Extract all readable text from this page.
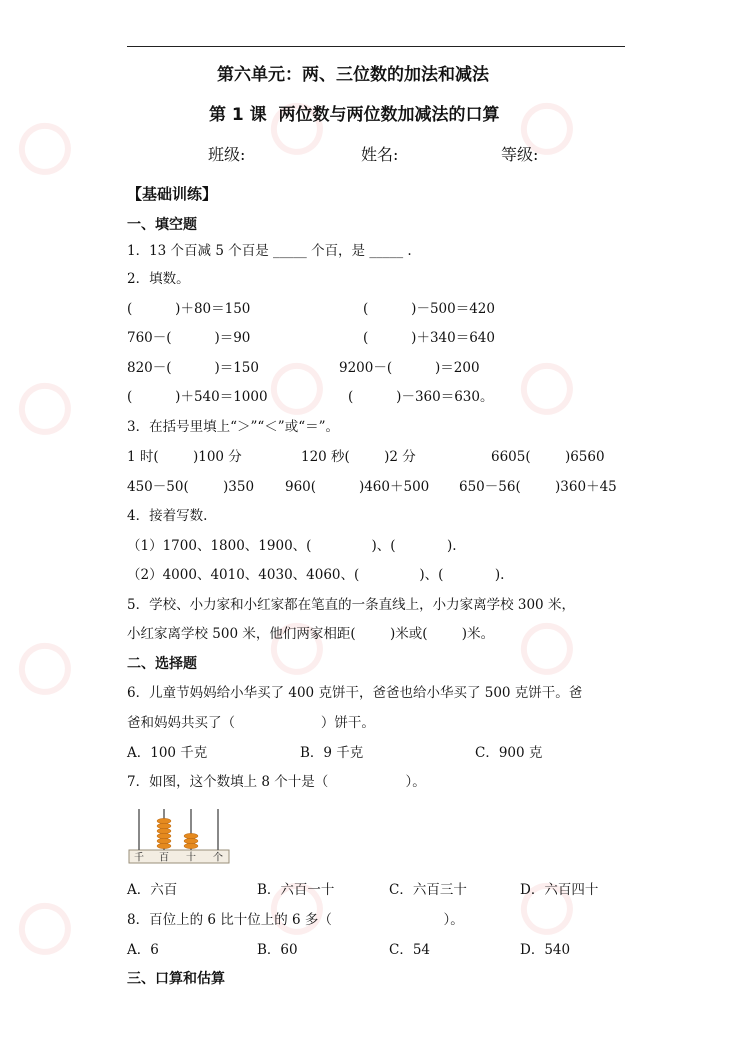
第六单元：两、三位数的加法和减法
第 1 课  两位数与两位数加减法的口算
班级:	姓名:	等级:
【基础训练】
一、填空题
1．13 个百减 5 个百是 _____ 个百，是 _____ .
2．填数。
(          )＋80＝150	(          )－500＝420
760－(          )＝90	(          )＋340＝640
820－(          )＝150	9200－(          )＝200
(          )＋540＝1000	(          )－360＝630。
3．在括号里填上“＞”“＜”或“＝”。
1 时(        )100 分	120 秒(        )2 分	6605(        )6560
450－50(        )350 960(          )460＋500 650－56(        )360＋45
4．接着写数.
（1）1700、1800、1900、(              )、(            ).
（2）4000、4010、4030、4060、(              )、(            ).
5．学校、小力家和小红家都在笔直的一条直线上，小力家离学校 300 米，
小红家离学校 500 米，他们两家相距(        )米或(        )米。
二、选择题
6．儿童节妈妈给小华买了 400 克饼干，爸爸也给小华买了 500 克饼干。爸
爸和妈妈共买了（                    ）饼干。
A．100 千克	B．9 千克	C．900 克
7．如图，这个数填上 8 个十是（                  ）。
千 百 十 个
A．六百	B．六百一十	C．六百三十	D．六百四十
8．百位上的 6 比十位上的 6 多（                          ）。
A．6	B．60	C．54	D．540
三、口算和估算
